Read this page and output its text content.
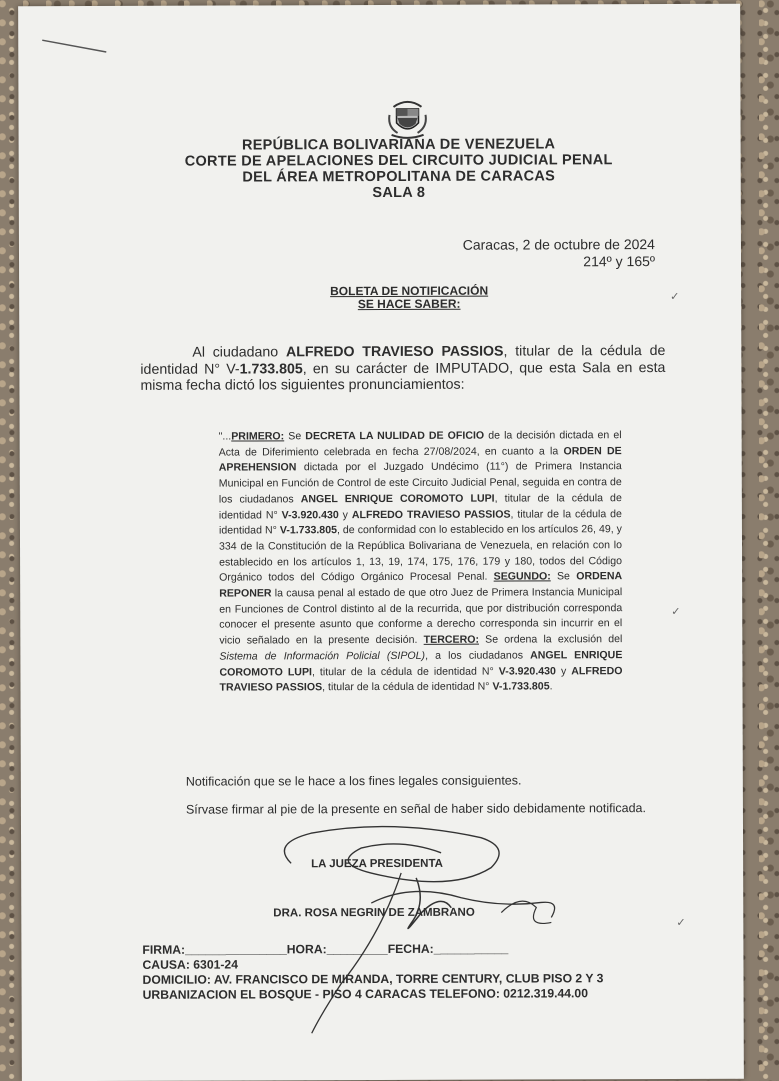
REPÚBLICA BOLIVARIANA DE VENEZUELA
CORTE DE APELACIONES DEL CIRCUITO JUDICIAL PENAL
DEL ÁREA METROPOLITANA DE CARACAS
SALA 8
Caracas, 2 de octubre de 2024
214º y 165º
BOLETA DE NOTIFICACIÓN
SE HACE SABER:
Al ciudadano ALFREDO TRAVIESO PASSIOS, titular de la cédula de identidad N° V-1.733.805, en su carácter de IMPUTADO, que esta Sala en esta misma fecha dictó los siguientes pronunciamientos:
"...PRIMERO: Se DECRETA LA NULIDAD DE OFICIO de la decisión dictada en el Acta de Diferimiento celebrada en fecha 27/08/2024, en cuanto a la ORDEN DE APREHENSION dictada por el Juzgado Undécimo (11°) de Primera Instancia Municipal en Función de Control de este Circuito Judicial Penal, seguida en contra de los ciudadanos ANGEL ENRIQUE COROMOTO LUPI, titular de la cédula de identidad N° V-3.920.430 y ALFREDO TRAVIESO PASSIOS, titular de la cédula de identidad N° V-1.733.805, de conformidad con lo establecido en los artículos 26, 49, y 334 de la Constitución de la República Bolivariana de Venezuela, en relación con lo establecido en los artículos 1, 13, 19, 174, 175, 176, 179 y 180, todos del Código Orgánico todos del Código Orgánico Procesal Penal. SEGUNDO: Se ORDENA REPONER la causa penal al estado de que otro Juez de Primera Instancia Municipal en Funciones de Control distinto al de la recurrida, que por distribución corresponda conocer el presente asunto que conforme a derecho corresponda sin incurrir en el vicio señalado en la presente decisión. TERCERO: Se ordena la exclusión del Sistema de Información Policial (SIPOL), a los ciudadanos ANGEL ENRIQUE COROMOTO LUPI, titular de la cédula de identidad N° V-3.920.430 y ALFREDO TRAVIESO PASSIOS, titular de la cédula de identidad N° V-1.733.805.
Notificación que se le hace a los fines legales consiguientes.
Sírvase firmar al pie de la presente en señal de haber sido debidamente notificada.
LA JUEZA PRESIDENTA
DRA. ROSA NEGRIN DE ZAMBRANO
FIRMA:_______________HORA:_________FECHA:___________
CAUSA: 6301-24
DOMICILIO: AV. FRANCISCO DE MIRANDA, TORRE CENTURY, CLUB PISO 2 Y 3
URBANIZACION EL BOSQUE - PISO 4 CARACAS TELEFONO: 0212.319.44.00
✓
✓
✓
